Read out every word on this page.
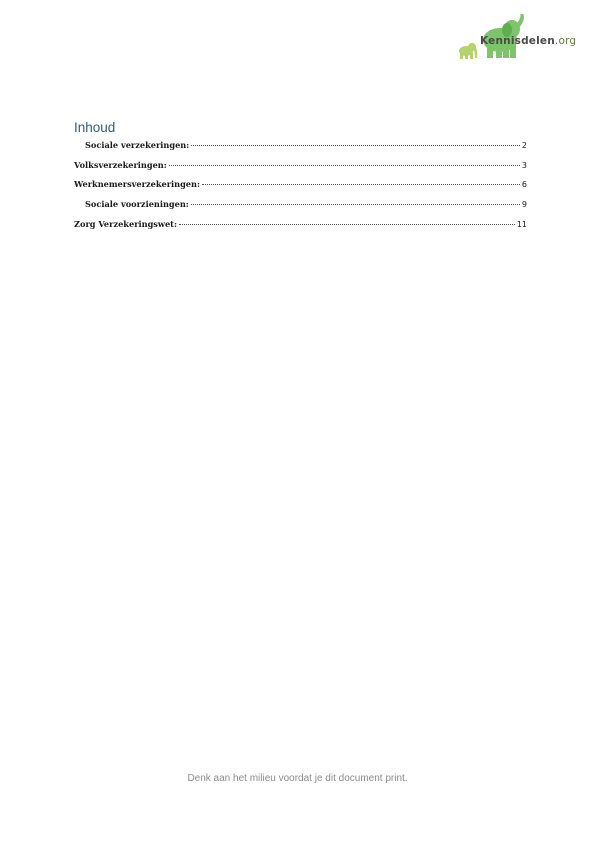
Kennisdelen.org
Inhoud
Sociale verzekeringen:	2
Volksverzekeringen:	3
Werknemersverzekeringen:	6
Sociale voorzieningen:	9
Zorg Verzekeringswet:	11
Denk aan het milieu voordat je dit document print.
